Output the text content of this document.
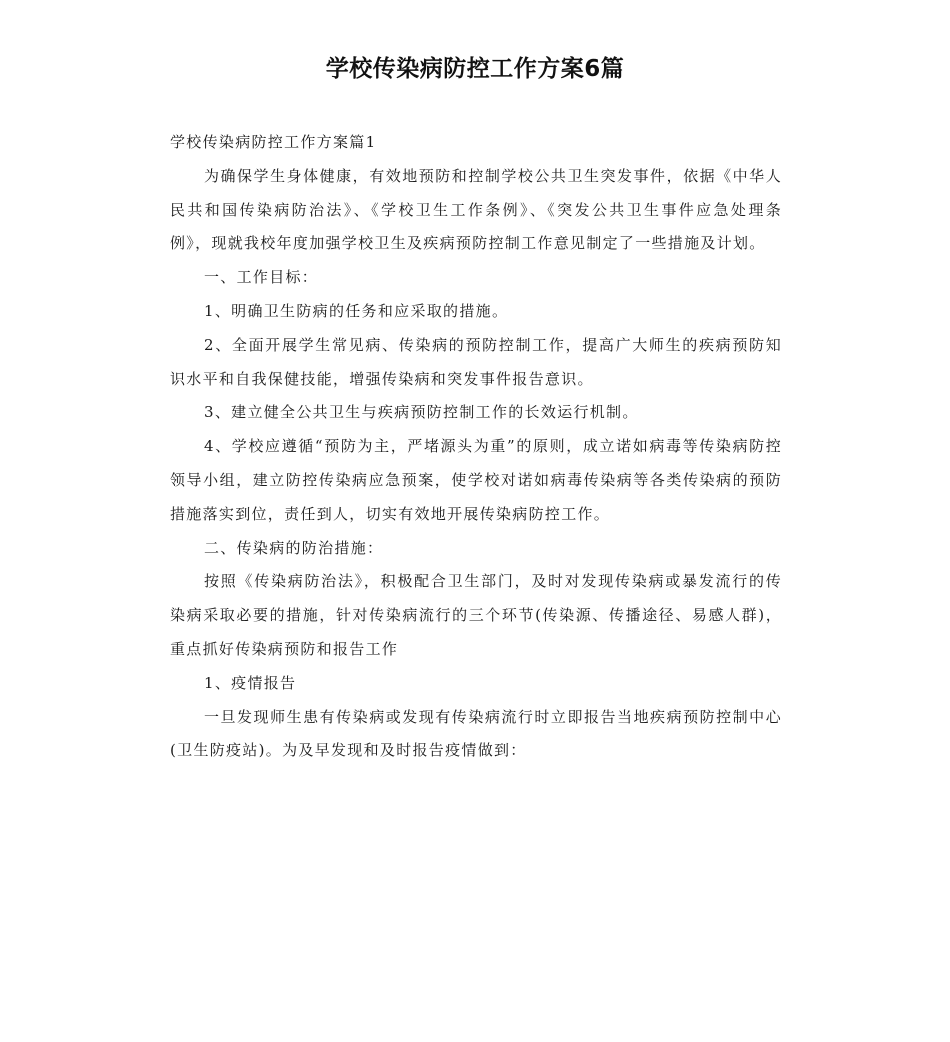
学校传染病防控工作方案6篇

学校传染病防控工作方案篇1

为确保学生身体健康，有效地预防和控制学校公共卫生突发事件，依据《中华人民共和国传染病防治法》、《学校卫生工作条例》、《突发公共卫生事件应急处理条例》，现就我校年度加强学校卫生及疾病预防控制工作意见制定了一些措施及计划。

一、工作目标：

1、明确卫生防病的任务和应采取的措施。

2、全面开展学生常见病、传染病的预防控制工作，提高广大师生的疾病预防知识水平和自我保健技能，增强传染病和突发事件报告意识。

3、建立健全公共卫生与疾病预防控制工作的长效运行机制。

4、学校应遵循“预防为主，严堵源头为重”的原则，成立诺如病毒等传染病防控领导小组，建立防控传染病应急预案，使学校对诺如病毒传染病等各类传染病的预防措施落实到位，责任到人，切实有效地开展传染病防控工作。

二、传染病的防治措施：

按照《传染病防治法》，积极配合卫生部门，及时对发现传染病或暴发流行的传染病采取必要的措施，针对传染病流行的三个环节(传染源、传播途径、易感人群)，重点抓好传染病预防和报告工作

1、疫情报告

一旦发现师生患有传染病或发现有传染病流行时立即报告当地疾病预防控制中心(卫生防疫站)。为及早发现和及时报告疫情做到：
